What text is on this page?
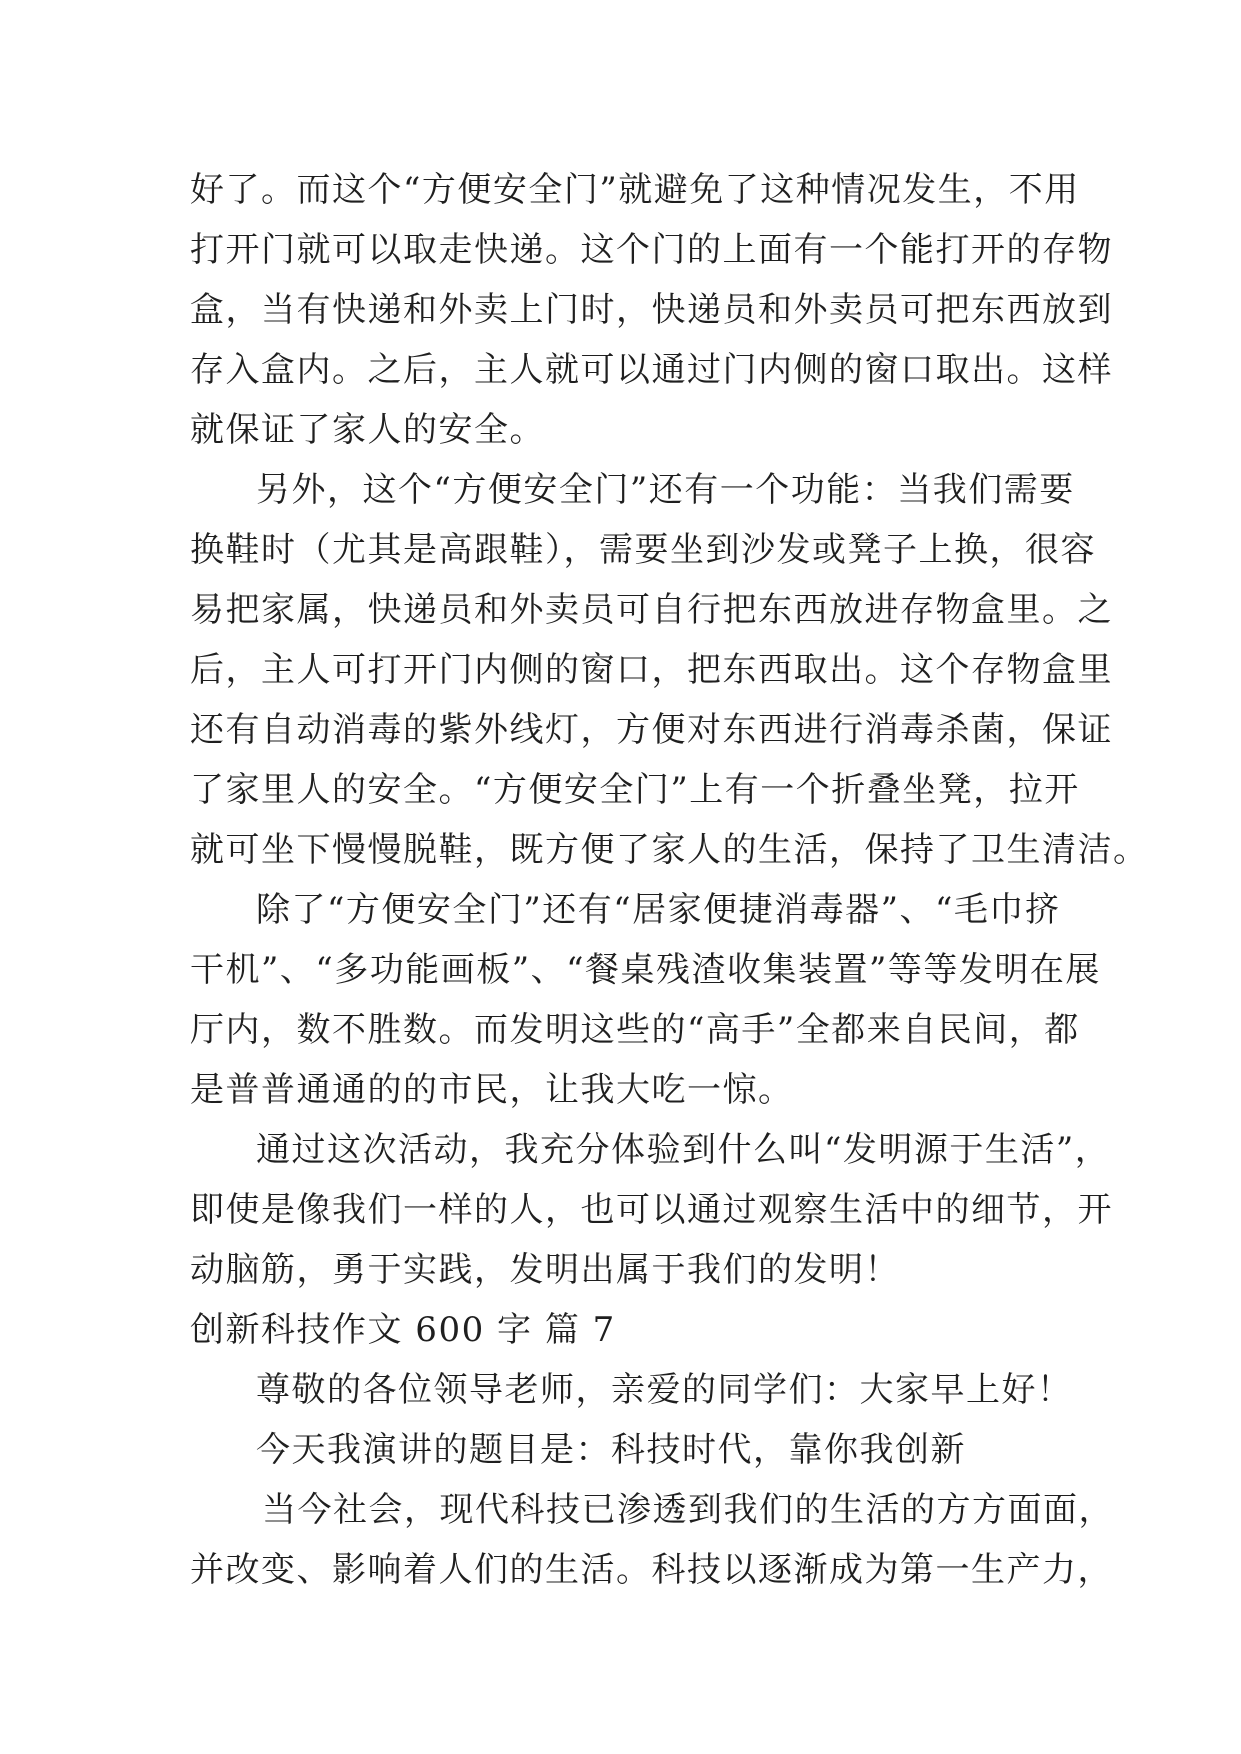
好了。而这个“方便安全门”就避免了这种情况发生，不用
打开门就可以取走快递。这个门的上面有一个能打开的存物
盒，当有快递和外卖上门时，快递员和外卖员可把东西放到
存入盒内。之后，主人就可以通过门内侧的窗口取出。这样
就保证了家人的安全。
另外，这个“方便安全门”还有一个功能：当我们需要
换鞋时（尤其是高跟鞋），需要坐到沙发或凳子上换，很容
易把家属，快递员和外卖员可自行把东西放进存物盒里。之
后，主人可打开门内侧的窗口，把东西取出。这个存物盒里
还有自动消毒的紫外线灯，方便对东西进行消毒杀菌，保证
了家里人的安全。“方便安全门”上有一个折叠坐凳，拉开
就可坐下慢慢脱鞋，既方便了家人的生活，保持了卫生清洁。
除了“方便安全门”还有“居家便捷消毒器”、“毛巾挤
干机”、“多功能画板”、“餐桌残渣收集装置”等等发明在展
厅内，数不胜数。而发明这些的“高手”全都来自民间，都
是普普通通的的市民，让我大吃一惊。
通过这次活动，我充分体验到什么叫“发明源于生活”，
即使是像我们一样的人，也可以通过观察生活中的细节，开
动脑筋，勇于实践，发明出属于我们的发明！
创新科技作文 600 字 篇 7
尊敬的各位领导老师，亲爱的同学们：大家早上好！
今天我演讲的题目是：科技时代，靠你我创新
当今社会，现代科技已渗透到我们的生活的方方面面，
并改变、影响着人们的生活。科技以逐渐成为第一生产力，
